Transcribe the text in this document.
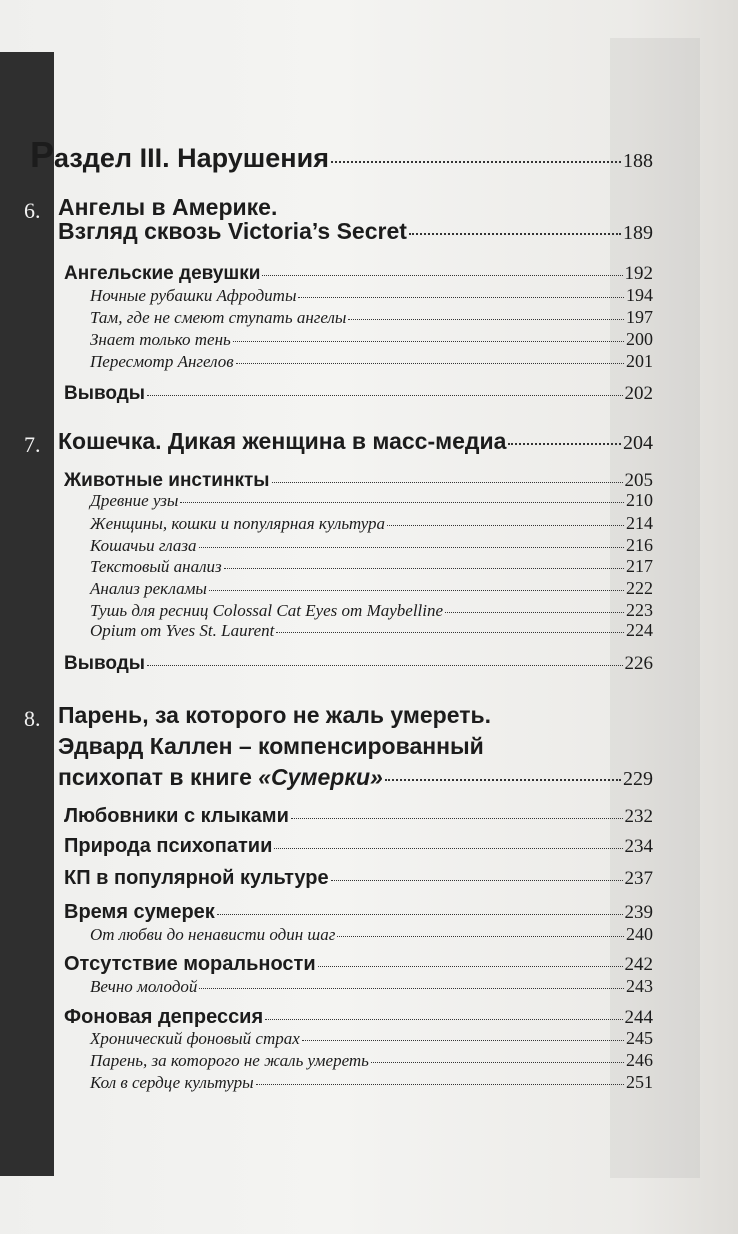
Раздел III. Нарушения	188
6. Ангелы в Америке.
Взгляд сквозь Victoria’s Secret	189
Ангельские девушки	192
Ночные рубашки Афродиты	194
Там, где не смеют ступать ангелы	197
Знает только тень	200
Пересмотр Ангелов	201
Выводы	202
7. Кошечка. Дикая женщина в масс-медиа	204
Животные инстинкты	205
Древние узы	210
Женщины, кошки и популярная культура	214
Кошачьи глаза	216
Текстовый анализ	217
Анализ рекламы	222
Тушь для ресниц Colossal Cat Eyes от Maybelline	223
Opium от Yves St. Laurent	224
Выводы	226
8. Парень, за которого не жаль умереть.
Эдвард Каллен – компенсированный
психопат в книге «Сумерки»	229
Любовники с клыками	232
Природа психопатии	234
КП в популярной культуре	237
Время сумерек	239
От любви до ненависти один шаг	240
Отсутствие моральности	242
Вечно молодой	243
Фоновая депрессия	244
Хронический фоновый страх	245
Парень, за которого не жаль умереть	246
Кол в сердце культуры	251
